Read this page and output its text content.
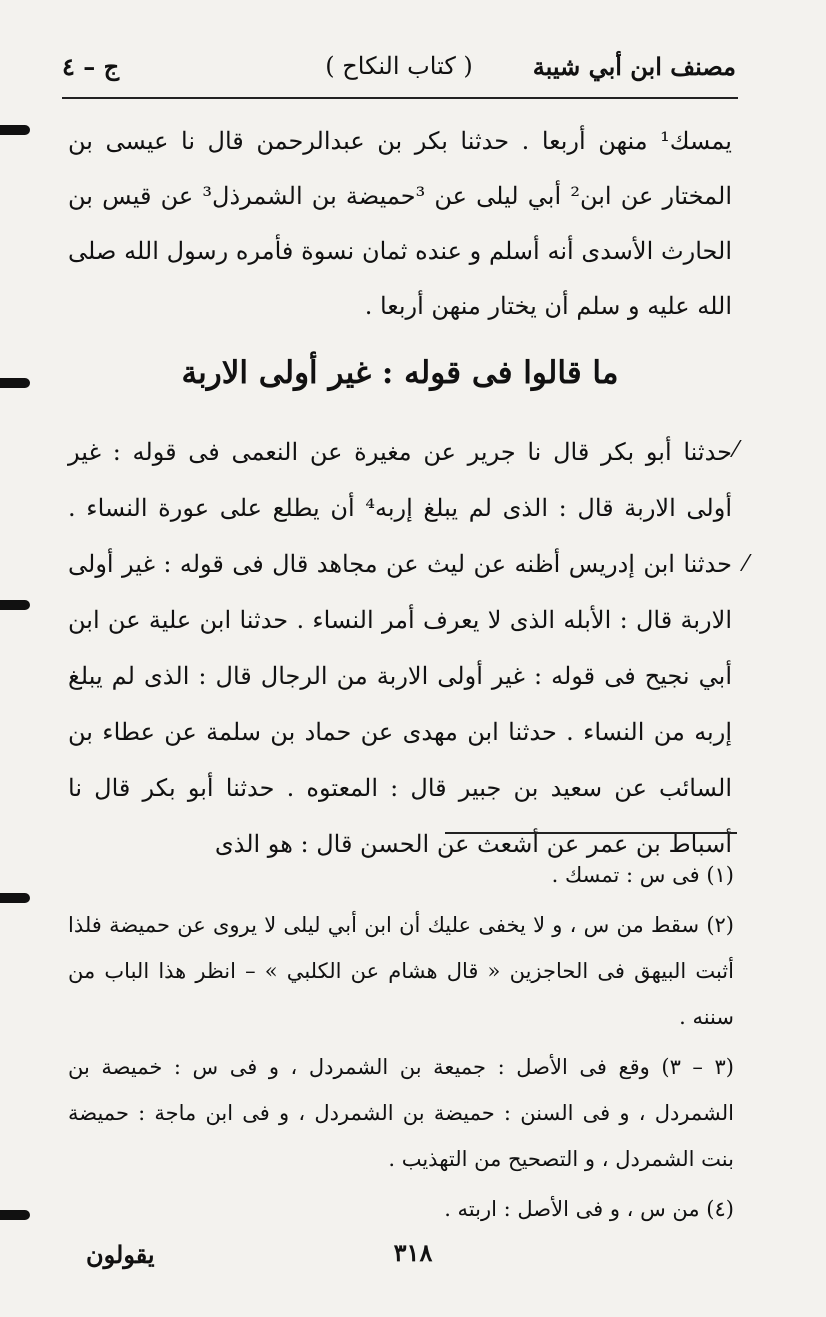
مصنف ابن أبي شيبة
( كتاب النكاح )
ج – ٤
يمسك¹ منهن أربعا . حدثنا بكر بن عبدالرحمن قال نا عيسى بن المختار عن ابن² أبي ليلى عن ³حميضة بن الشمرذل³ عن قيس بن الحارث الأسدى أنه أسلم و عنده ثمان نسوة فأمره رسول الله صلى الله عليه و سلم أن يختار منهن أربعا .
ما قالوا فى قوله : غير أولى الاربة
حدثنا أبو بكر قال نا جرير عن مغيرة عن النعمى فى قوله : غير أولى الاربة قال : الذى لم يبلغ إربه⁴ أن يطلع على عورة النساء . حدثنا ابن إدريس أظنه عن ليث عن مجاهد قال فى قوله : غير أولى الاربة قال : الأبله الذى لا يعرف أمر النساء . حدثنا ابن علية عن ابن أبي نجيح فى قوله : غير أولى الاربة من الرجال قال : الذى لم يبلغ إربه من النساء . حدثنا ابن مهدى عن حماد بن سلمة عن عطاء بن السائب عن سعيد بن جبير قال : المعتوه . حدثنا أبو بكر قال نا أسباط بن عمر عن أشعث عن الحسن قال : هو الذى
(١) فى س : تمسك .
(٢) سقط من س ، و لا يخفى عليك أن ابن أبي ليلى لا يروى عن حميضة فلذا أثبت البيهق فى الحاجزين « قال هشام عن الكلبي » – انظر هذا الباب من سننه .
(٣ – ٣) وقع فى الأصل : جميعة بن الشمردل ، و فى س : خميصة بن الشمردل ، و فى السنن : حميضة بن الشمردل ، و فى ابن ماجة : حميضة بنت الشمردل ، و التصحيح من التهذيب .
(٤) من س ، و فى الأصل : اربته .
٣١٨
يقولون
⁄
⁄
